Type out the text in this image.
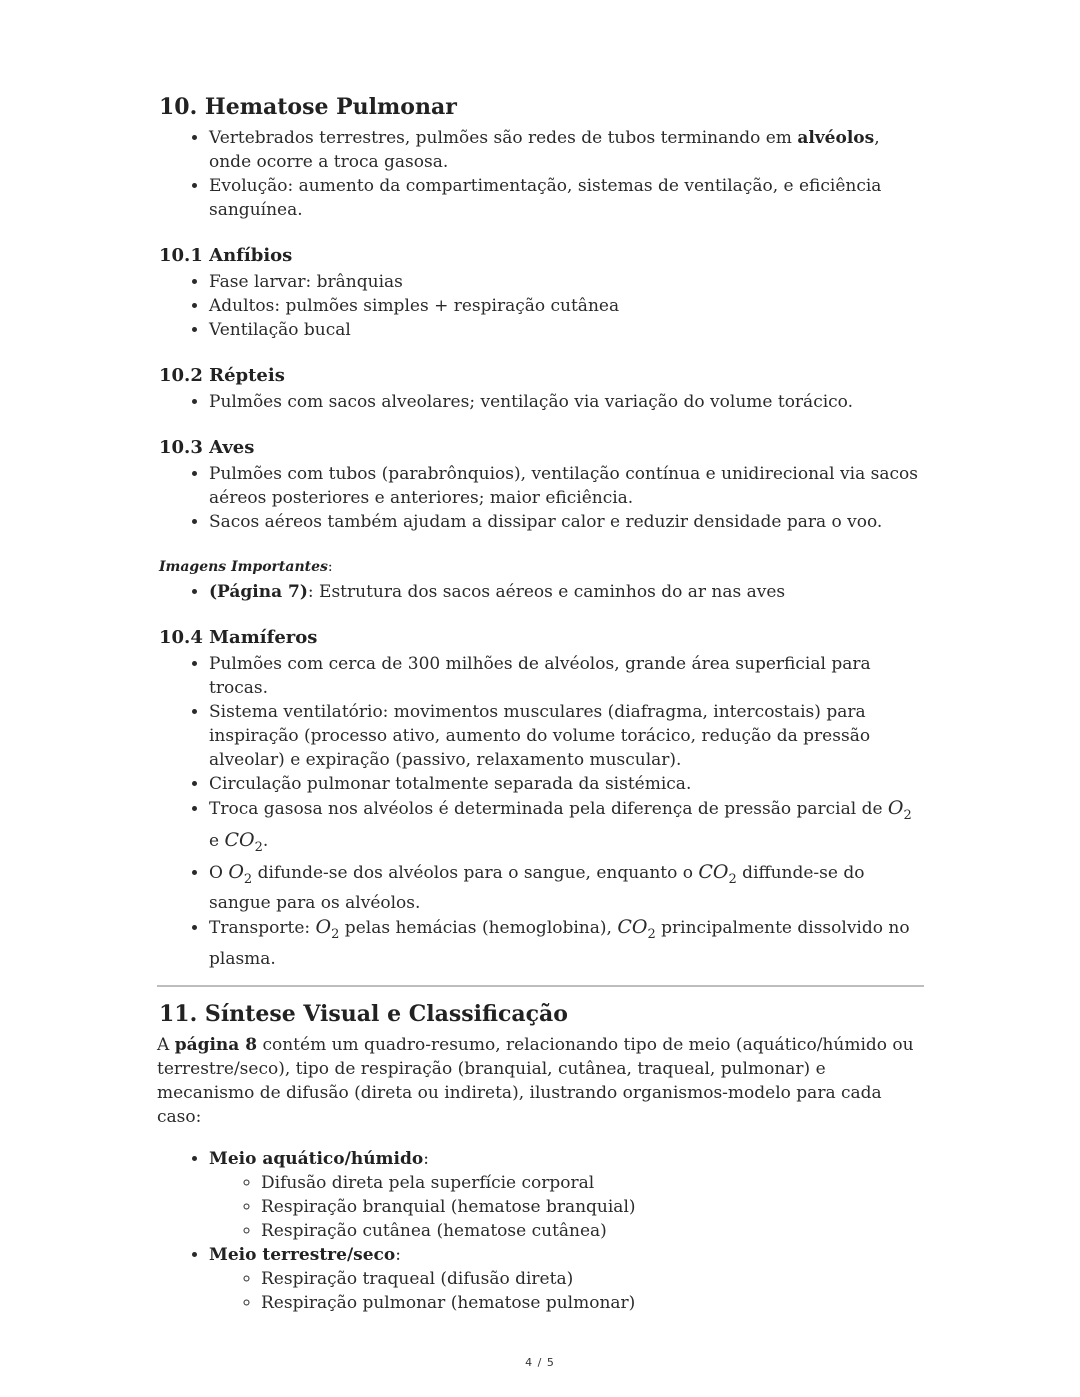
10. Hematose Pulmonar
• Vertebrados terrestres, pulmões são redes de tubos terminando em alvéolos, onde ocorre a troca gasosa.
• Evolução: aumento da compartimentação, sistemas de ventilação, e eficiência sanguínea.
10.1 Anfíbios
• Fase larvar: brânquias
• Adultos: pulmões simples + respiração cutânea
• Ventilação bucal
10.2 Répteis
• Pulmões com sacos alveolares; ventilação via variação do volume torácico.
10.3 Aves
• Pulmões com tubos (parabrônquios), ventilação contínua e unidirecional via sacos aéreos posteriores e anteriores; maior eficiência.
• Sacos aéreos também ajudam a dissipar calor e reduzir densidade para o voo.
Imagens Importantes:
• (Página 7): Estrutura dos sacos aéreos e caminhos do ar nas aves
10.4 Mamíferos
• Pulmões com cerca de 300 milhões de alvéolos, grande área superficial para trocas.
• Sistema ventilatório: movimentos musculares (diafragma, intercostais) para inspiração (processo ativo, aumento do volume torácico, redução da pressão alveolar) e expiração (passivo, relaxamento muscular).
• Circulação pulmonar totalmente separada da sistémica.
• Troca gasosa nos alvéolos é determinada pela diferença de pressão parcial de $O_2$ e $CO_2$.
• O $O_2$ difunde-se dos alvéolos para o sangue, enquanto o $CO_2$ diffunde-se do sangue para os alvéolos.
• Transporte: $O_2$ pelas hemácias (hemoglobina), $CO_2$ principalmente dissolvido no plasma.
11. Síntese Visual e Classificação

A página 8 contém um quadro-resumo, relacionando tipo de meio (aquático/húmido ou terrestre/seco), tipo de respiração (branquial, cutânea, traqueal, pulmonar) e mecanismo de difusão (direta ou indireta), ilustrando organismos-modelo para cada caso:

• Meio aquático/húmido:
◦ Difusão direta pela superfície corporal
◦ Respiração branquial (hematose branquial)
◦ Respiração cutânea (hematose cutânea)
• Meio terrestre/seco:
◦ Respiração traqueal (difusão direta)
◦ Respiração pulmonar (hematose pulmonar)
4 / 5
